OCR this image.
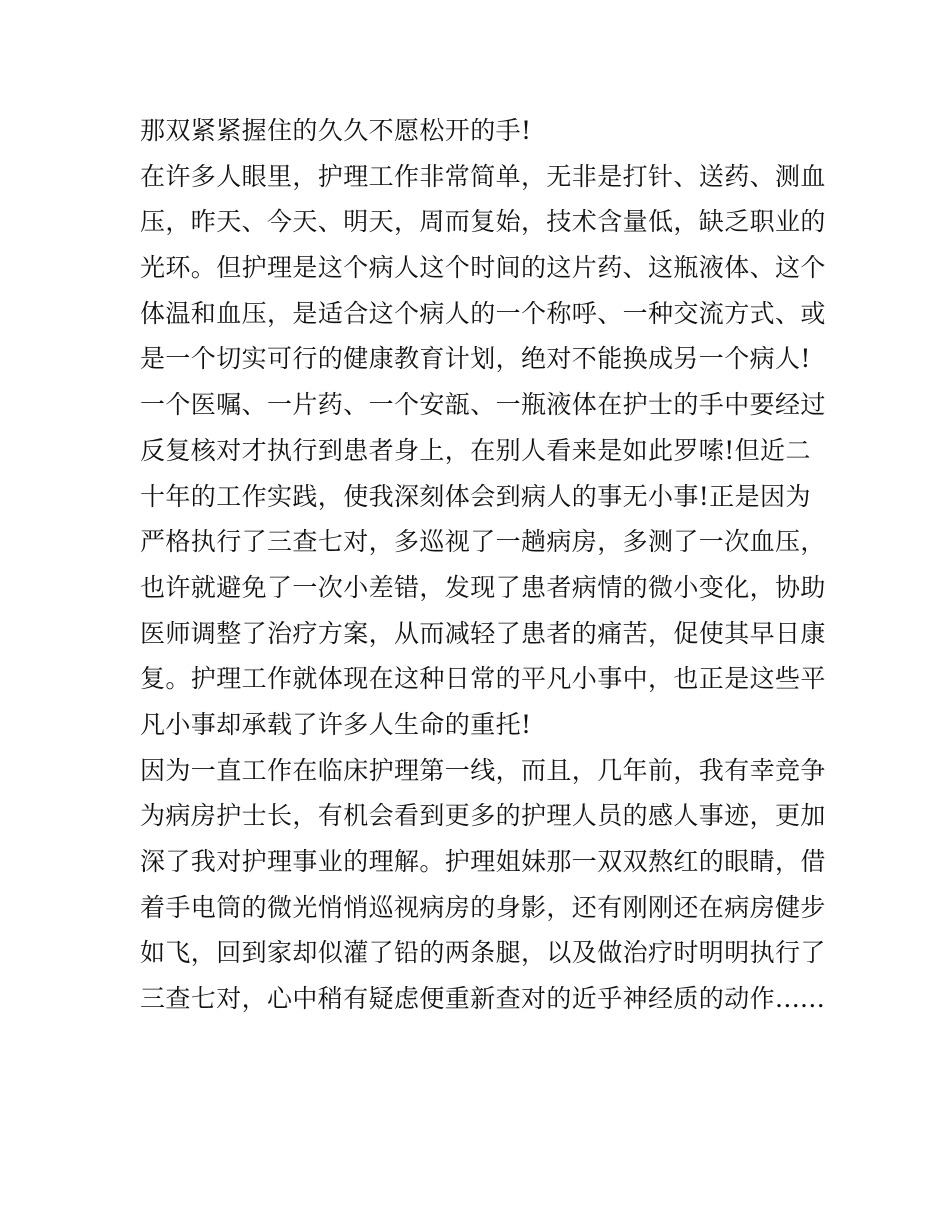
那双紧紧握住的久久不愿松开的手!
在许多人眼里，护理工作非常简单，无非是打针、送药、测血
压，昨天、今天、明天，周而复始，技术含量低，缺乏职业的
光环。但护理是这个病人这个时间的这片药、这瓶液体、这个
体温和血压，是适合这个病人的一个称呼、一种交流方式、或
是一个切实可行的健康教育计划，绝对不能换成另一个病人!
一个医嘱、一片药、一个安瓿、一瓶液体在护士的手中要经过
反复核对才执行到患者身上，在别人看来是如此罗嗦!但近二
十年的工作实践，使我深刻体会到病人的事无小事!正是因为
严格执行了三查七对，多巡视了一趟病房，多测了一次血压，
也许就避免了一次小差错，发现了患者病情的微小变化，协助
医师调整了治疗方案，从而减轻了患者的痛苦，促使其早日康
复。护理工作就体现在这种日常的平凡小事中，也正是这些平
凡小事却承载了许多人生命的重托!
因为一直工作在临床护理第一线，而且，几年前，我有幸竞争
为病房护士长，有机会看到更多的护理人员的感人事迹，更加
深了我对护理事业的理解。护理姐妹那一双双熬红的眼睛，借
着手电筒的微光悄悄巡视病房的身影，还有刚刚还在病房健步
如飞，回到家却似灌了铅的两条腿，以及做治疗时明明执行了
三查七对，心中稍有疑虑便重新查对的近乎神经质的动作......
